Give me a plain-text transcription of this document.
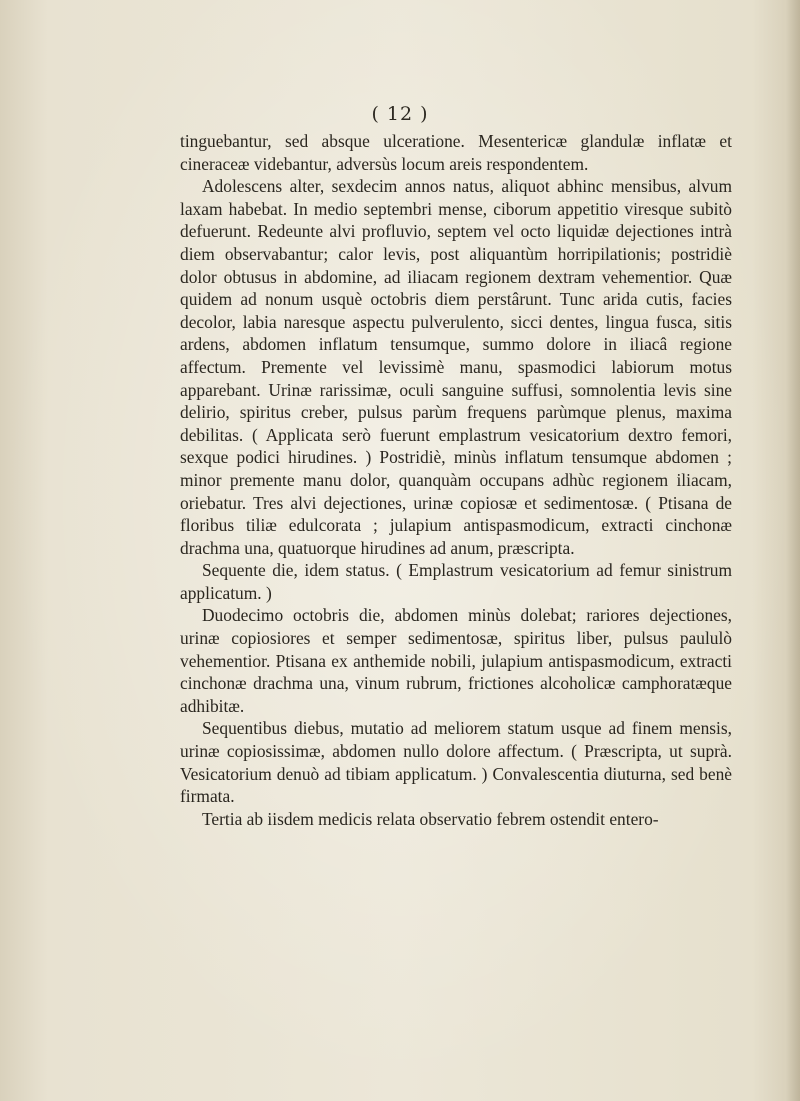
( 12 )

tinguebantur, sed absque ulceratione. Mesentericæ glandulæ inflatæ et cineraceæ videbantur, adversùs locum areis respondentem.

Adolescens alter, sexdecim annos natus, aliquot abhinc mensibus, alvum laxam habebat. In medio septembri mense, ciborum appetitio viresque subitò defuerunt. Redeunte alvi profluvio, septem vel octo liquidæ dejectiones intrà diem observabantur; calor levis, post aliquantùm horripilationis; postridiè dolor obtusus in abdomine, ad iliacam regionem dextram vehementior. Quæ quidem ad nonum usquè octobris diem perstârunt. Tunc arida cutis, facies decolor, labia naresque aspectu pulverulento, sicci dentes, lingua fusca, sitis ardens, abdomen inflatum tensumque, summo dolore in iliacâ regione affectum. Premente vel levissimè manu, spasmodici labiorum motus apparebant. Urinæ rarissimæ, oculi sanguine suffusi, somnolentia levis sine delirio, spiritus creber, pulsus parùm frequens parùmque plenus, maxima debilitas. ( Applicata serò fuerunt emplastrum vesicatorium dextro femori, sexque podici hirudines. ) Postridiè, minùs inflatum tensumque abdomen ; minor premente manu dolor, quanquàm occupans adhùc regionem iliacam, oriebatur. Tres alvi dejectiones, urinæ copiosæ et sedimentosæ. ( Ptisana de floribus tiliæ edulcorata ; julapium antispasmodicum, extracti cinchonæ drachma una, quatuorque hirudines ad anum, præscripta.

Sequente die, idem status. ( Emplastrum vesicatorium ad femur sinistrum applicatum. )

Duodecimo octobris die, abdomen minùs dolebat; rariores dejectiones, urinæ copiosiores et semper sedimentosæ, spiritus liber, pulsus paululò vehementior. Ptisana ex anthemide nobili, julapium antispasmodicum, extracti cinchonæ drachma una, vinum rubrum, frictiones alcoholicæ camphoratæque adhibitæ.

Sequentibus diebus, mutatio ad meliorem statum usque ad finem mensis, urinæ copiosissimæ, abdomen nullo dolore affectum. ( Præscripta, ut suprà. Vesicatorium denuò ad tibiam applicatum. ) Convalescentia diuturna, sed benè firmata.

Tertia ab iisdem medicis relata observatio febrem ostendit entero-
